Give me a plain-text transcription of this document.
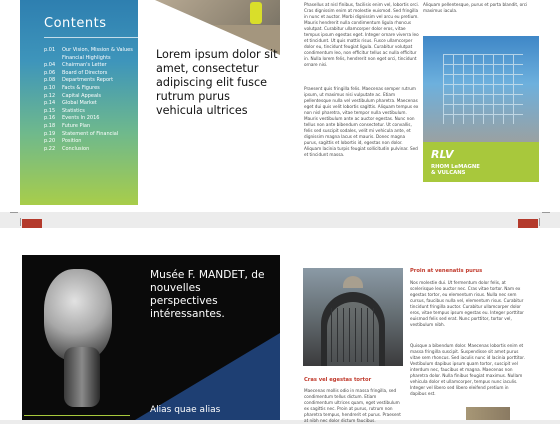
Contents
p.01	Our Vision, Mission & Values
Financial Highlights
p.04	Chairman's Letter
p.06	Board of Directors
p.08	Departments Report
p.10	Facts & Figures
p.12	Capital Appeals
p.14	Global Market
p.15	Statistics
p.16	Events In 2016
p.18	Future Plan
p.19	Statement of Financial
p.20	Position
p.22	Conclusion
Lorem ipsum dolor sit amet, consectetur adipiscing elit fusce rutrum purus vehicula ultrices
Phasellus at nisl finibus, facilisis enim vel, lobortis orci. Cras dignissim enim at molestie euismod. Sed fringilla in nunc et auctor. Morbi dignissim vel arcu eu pretium. Mauris hendrerit nulla condimentum ligula rhoncus volutpat. Curabitur ullamcorper dolor eros, vitae tempus ipsum egestas eget. Integer ornare viverra leo et tincidunt. Ut quis mattis risus. Fusce ullamcorper dolor eu, tincidunt feugiat ligula. Curabitur volutpat condimentum leo, non efficitur tellus ac nulla efficitur in. Nulla lorem felis, hendrerit non eget orci, tincidunt ornare nisi.
Praesent quis fringilla felis. Maecenas semper rutrum ipsum, ut maximus nisi vulputate ac. Etiam pellentesque nulla vel vestibulum pharetra. Maecenas eget dui quis velit lobortis sagittis. Aliquam tempus ex non nisl pharetra, vitae tempor nulla vestibulum. Mauris vestibulum ante ac auctor egestas. Nunc non tellus non ante bibendum consectetur. Ut convallis, felis sed suscipit sodales, velit mi vehicula ante, et dignissim magna lacus et mauris. Donec magna purus, sagittis et lobortis id, egestas non dolor. Aliquam lacinia turpis feugiat sollicitudin pulvinar. Sed et tincidunt massa.
Aliquam pellentesque, purus et porta blandit, orci maximus iacula.
RLV
RHOM LeMAGNE
& VULCANS
Musée F. MANDET, de nouvelles perspectives intéressantes.
Alias quae alias
Proin at venenatis purus
Nos molestie dui. Ut fermentum dolor felis, at scelerisque leo auctor nec. Cras vitae tortor. Nam ex egestas tortor, eu elementum risus. Nulla nec sem cursus, faucibus nulla vel, elementum risus. Curabitur tincidunt fringilla auctor. Curabitur ullamcorper dolor eros, vitae tempus ipsum egestas eu. Integer porttitor euismod felis sed erat. Nunc porttitor, tortor vel, vestibulum nibh.
Quisque a bibendum dolor. Maecenas lobortis enim et massa fringilla suscipit. Suspendisse sit amet purus vitae sem rhoncus. Sed iaculis nunc id lacinia porttitor. Vestibulum dapibus ipsum quam tortor, suscipit vel interdum nec, faucibus et magna. Maecenas non pharetra dolor. Nulla finibus feugiat maximus. Nullam vehicula dolor et ullamcorper, tempus nunc iaculis. Integer vel libero sed libero eleifend pretium in dapibus est.
Cras vel egestas tortor
Maecenas mollis odio in massa fringilla, sed condimentum tellus dictum. Etiam condimentum ultrices quam, eget vestibulum ex sagittis nec. Proin at purus, rutrum non pharetra tempus, hendrerit et purus. Praesent at nibh nec dolor dictum faucibus.
